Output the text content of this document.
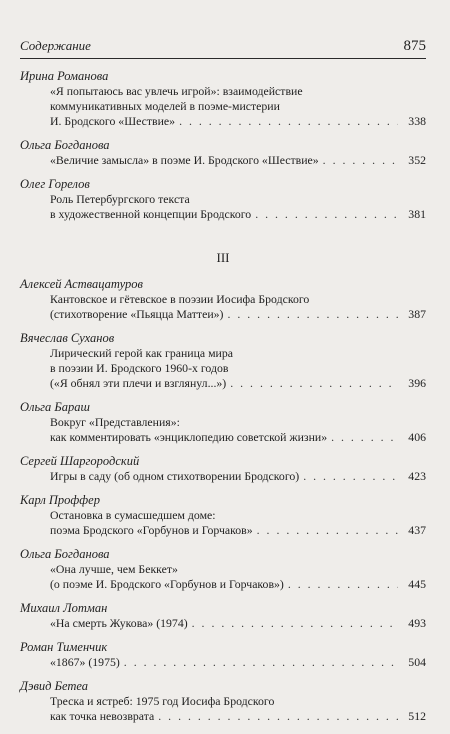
Содержание	875
Ирина Романова
«Я попытаюсь вас увлечь игрой»: взаимодействие
коммуникативных моделей в поэме-мистерии
И. Бродского «Шествие» . . .	338
Ольга Богданова
«Величие замысла» в поэме И. Бродского «Шествие» . . .	352
Олег Горелов
Роль Петербургского текста
в художественной концепции Бродского . . .	381
III
Алексей Аствацатуров
Кантовское и гётевское в поэзии Иосифа Бродского
(стихотворение «Пьяцца Маттеи») . . .	387
Вячеслав Суханов
Лирический герой как граница мира
в поэзии И. Бродского 1960-х годов
(«Я обнял эти плечи и взглянул...») . . .	396
Ольга Бараш
Вокруг «Представления»:
как комментировать «энциклопедию советской жизни» . . .	406
Сергей Шаргородский
Игры в саду (об одном стихотворении Бродского) . . .	423
Карл Проффер
Остановка в сумасшедшем доме:
поэма Бродского «Горбунов и Горчаков» . . .	437
Ольга Богданова
«Она лучше, чем Беккет»
(о поэме И. Бродского «Горбунов и Горчаков») . . .	445
Михаил Лотман
«На смерть Жукова» (1974) . . .	493
Роман Тименчик
«1867» (1975) . . .	504
Дэвид Бетеа
Треска и ястреб: 1975 год Иосифа Бродского
как точка невозврата . . .	512
